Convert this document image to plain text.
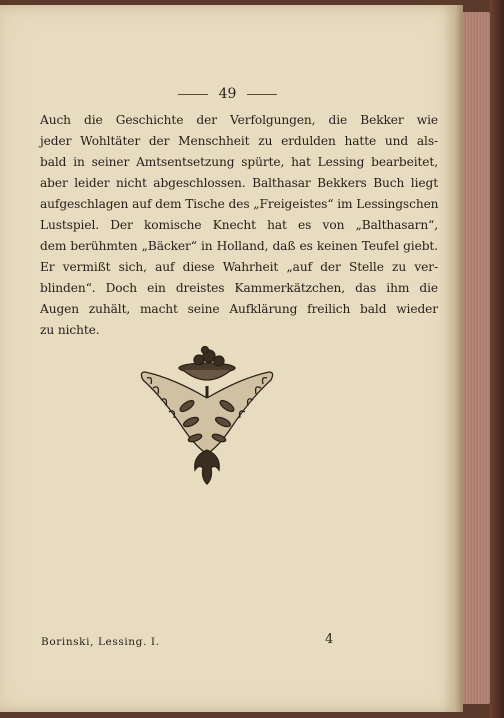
49
Auch die Geschichte der Verfolgungen, die Bekker wie
jeder Wohltäter der Menschheit zu erdulden hatte und als-
bald in seiner Amtsentsetzung spürte, hat Lessing bearbeitet,
aber leider nicht abgeschlossen. Balthasar Bekkers Buch liegt
aufgeschlagen auf dem Tische des „Freigeistes“ im Lessingschen
Lustspiel. Der komische Knecht hat es von „Balthasarn“,
dem berühmten „Bäcker“ in Holland, daß es keinen Teufel giebt.
Er vermißt sich, auf diese Wahrheit „auf der Stelle zu ver-
blinden“. Doch ein dreistes Kammerkätzchen, das ihm die
Augen zuhält, macht seine Aufklärung freilich bald wieder
zu nichte.
Borinski, Lessing. I.	4
